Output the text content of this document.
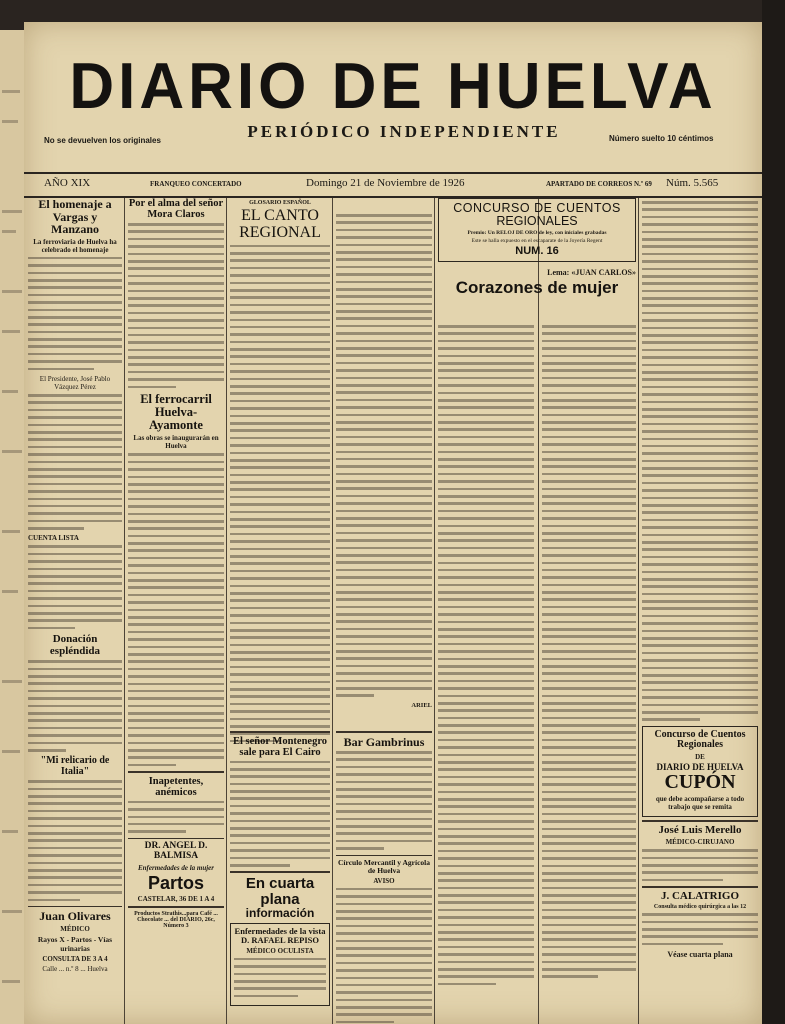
DIARIO DE HUELVA
PERIÓDICO INDEPENDIENTE
No se devuelven los originales	Número suelto 10 céntimos
AÑO XIX	FRANQUEO CONCERTADO	Domingo 21 de Noviembre de 1926	APARTADO DE CORREOS N.º 69 Núm. 5.565
El homenaje a Vargas y Manzano
La ferroviaria de Huelva ha celebrado el homenaje
El Presidente, José Pablo Vázquez Pérez
CUENTA LISTA
Donación espléndida
"Mi relicario de Italia"
Juan Olivares
MÉDICO
Rayos X - Partos - Vías urinarias
CONSULTA DE 3 A 4
Calle ... n.º 8 ... Huelva
Por el alma del señor Mora Claros
El ferrocarril Huelva-Ayamonte
Las obras se inaugurarán en Huelva
Inapetentes, anémicos
DR. ANGEL D. BALMISA
Enfermedades de la mujer
Partos
CASTELAR, 36 DE 1 A 4
Productos Strathis...para Café ... Chocolate ... del DIARIO, 26c, Número 3
GLOSARIO ESPAÑOL
EL CANTO REGIONAL
ARIEL
El señor Montenegro sale para El Cairo
En cuarta plana
información
Enfermedades de la vista
D. RAFAEL REPISO
MÉDICO OCULISTA
Bar Gambrinus
Círculo Mercantil y Agrícola de Huelva
AVISO
CONCURSO DE CUENTOS
REGIONALES
Premio: Un RELOJ DE ORO de ley, con iniciales grabadas
Este se halla expuesto en el escaparate de la Joyería Regent
NUM. 16
Lema: «JUAN CARLOS»
Corazones de mujer
Concurso de Cuentos
Regionales
DE
DIARIO DE HUELVA
CUPÓN
que debe acompañarse a todo trabajo que se remita
José Luis Merello
MÉDICO-CIRUJANO
J. CALATRIGO
Consulta médico quirúrgica a las 12
Véase cuarta plana
